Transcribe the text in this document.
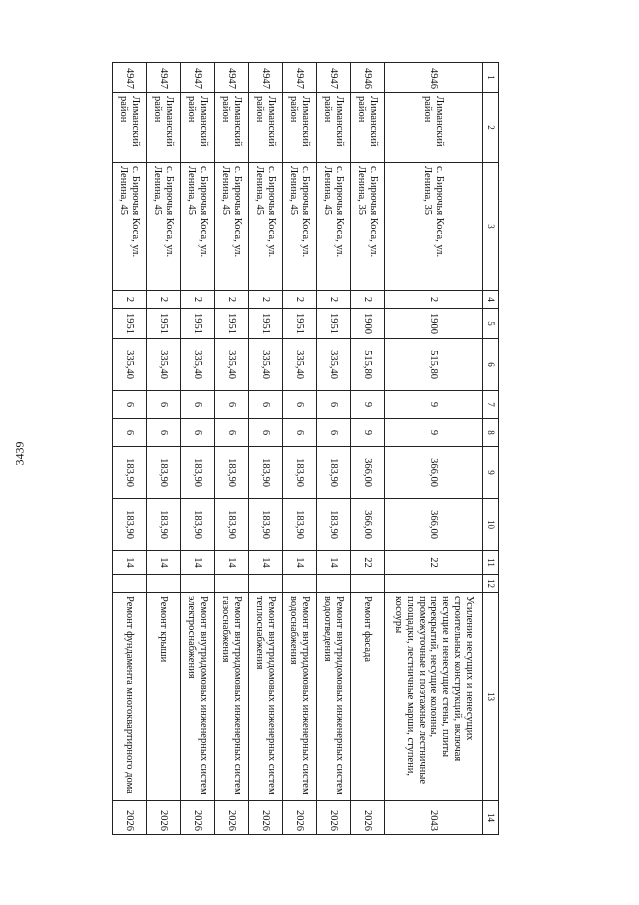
3439
1	2	3	4	5	6	7	8	9	10	11	12	13	14
4946	Лиманский район	с. Бирючья Коса, ул. Ленина, 35	2	1900	515,80	9	9	366,00	366,00	22		Усиление несущих и ненесущих строительных конструкций, включая несущие и ненесущие стены, плиты перекрытий, несущие колонны, промежуточные и поэтажные лестничные площадки, лестничные марши, ступени, косоуры	2043
4946	Лиманский район	с. Бирючья Коса, ул. Ленина, 35	2	1900	515,80	9	9	366,00	366,00	22		Ремонт фасада	2026
4947	Лиманский район	с. Бирючья Коса, ул. Ленина, 45	2	1951	335,40	6	6	183,90	183,90	14		Ремонт внутридомовых инженерных систем водоотведения	2026
4947	Лиманский район	с. Бирючья Коса, ул. Ленина, 45	2	1951	335,40	6	6	183,90	183,90	14		Ремонт внутридомовых инженерных систем водоснабжения	2026
4947	Лиманский район	с. Бирючья Коса, ул. Ленина, 45	2	1951	335,40	6	6	183,90	183,90	14		Ремонт внутридомовых инженерных систем теплоснабжения	2026
4947	Лиманский район	с. Бирючья Коса, ул. Ленина, 45	2	1951	335,40	6	6	183,90	183,90	14		Ремонт внутридомовых инженерных систем газоснабжения	2026
4947	Лиманский район	с. Бирючья Коса, ул. Ленина, 45	2	1951	335,40	6	6	183,90	183,90	14		Ремонт внутридомовых инженерных систем электроснабжения	2026
4947	Лиманский район	с. Бирючья Коса, ул. Ленина, 45	2	1951	335,40	6	6	183,90	183,90	14		Ремонт крыши	2026
4947	Лиманский район	с. Бирючья Коса, ул. Ленина, 45	2	1951	335,40	6	6	183,90	183,90	14		Ремонт фундамента многоквартирного дома	2026
